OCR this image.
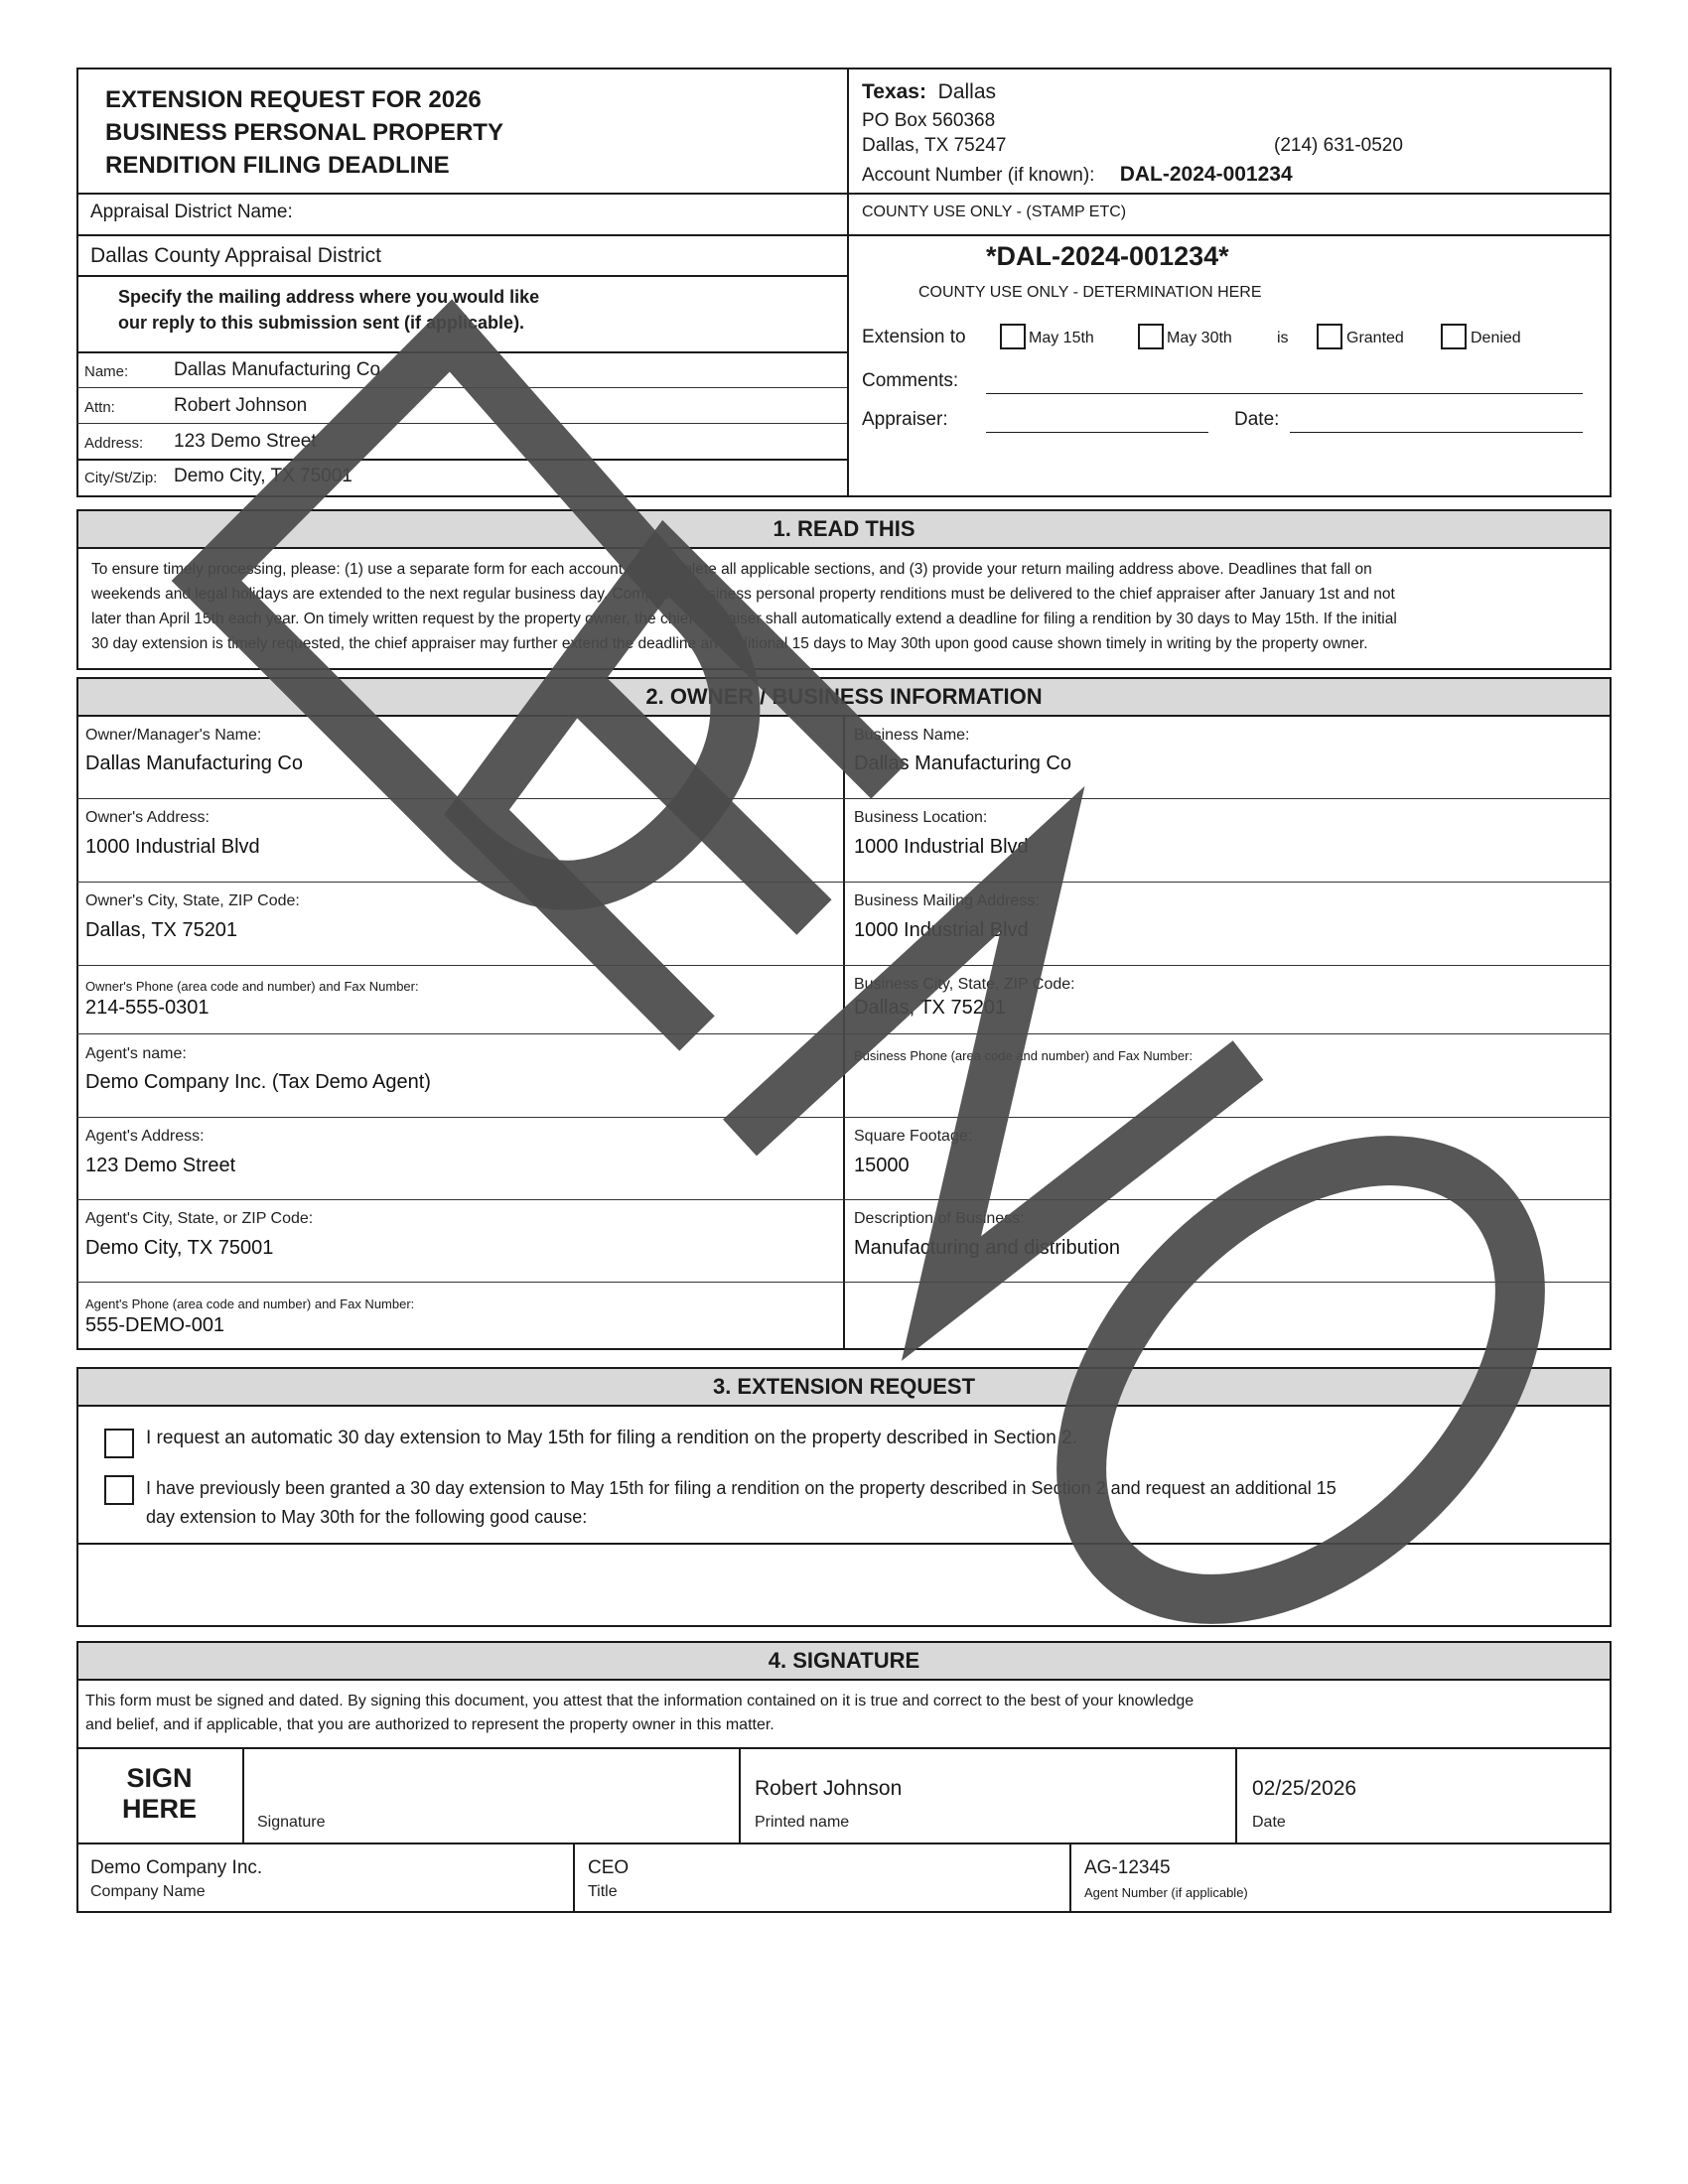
EXTENSION REQUEST FOR 2026
BUSINESS PERSONAL PROPERTY
RENDITION FILING DEADLINE
Texas: Dallas
PO Box 560368
Dallas, TX 75247	(214) 631-0520
Account Number (if known): DAL-2024-001234
Appraisal District Name:
Dallas County Appraisal District
COUNTY USE ONLY - (STAMP ETC)
Specify the mailing address where you would like
our reply to this submission sent (if applicable).
Name: Dallas Manufacturing Co
Attn:	Robert Johnson
Address: 123 Demo Street
City/St/Zip: Demo City, TX 75001
*DAL-2024-001234*
COUNTY USE ONLY - DETERMINATION HERE
Extension to	May 15th	May 30th	is	Granted	Denied
Comments:
Appraiser:	Date:
1. READ THIS
To ensure timely processing, please: (1) use a separate form for each account, (2) complete all applicable sections, and (3) provide your return mailing address above. Deadlines that fall on
weekends and legal holidays are extended to the next regular business day. Completed business personal property renditions must be delivered to the chief appraiser after January 1st and not
later than April 15th each year. On timely written request by the property owner, the chief appraiser shall automatically extend a deadline for filing a rendition by 30 days to May 15th. If the initial
30 day extension is timely requested, the chief appraiser may further extend the deadline an additional 15 days to May 30th upon good cause shown timely in writing by the property owner.
2. OWNER / BUSINESS INFORMATION
Owner/Manager's Name:
Dallas Manufacturing Co
Owner's Address:
1000 Industrial Blvd
Owner's City, State, ZIP Code:
Dallas, TX 75201
Owner's Phone (area code and number) and Fax Number:
214-555-0301
Agent's name:
Demo Company Inc. (Tax Demo Agent)
Agent's Address:
123 Demo Street
Agent's City, State, or ZIP Code:
Demo City, TX 75001
Agent's Phone (area code and number) and Fax Number:
555-DEMO-001
Business Name:
Dallas Manufacturing Co
Business Location:
1000 Industrial Blvd
Business Mailing Address:
1000 Industrial Blvd
Business City, State, ZIP Code:
Dallas, TX 75201
Business Phone (area code and number) and Fax Number:
Square Footage:
15000
Description of Business:
Manufacturing and distribution
3. EXTENSION REQUEST
I request an automatic 30 day extension to May 15th for filing a rendition on the property described in Section 2.
I have previously been granted a 30 day extension to May 15th for filing a rendition on the property described in Section 2 and request an additional 15
day extension to May 30th for the following good cause:
4. SIGNATURE
This form must be signed and dated. By signing this document, you attest that the information contained on it is true and correct to the best of your knowledge
and belief, and if applicable, that you are authorized to represent the property owner in this matter.
SIGN
HERE	Signature
Robert Johnson
Printed name
02/25/2026
Date
Demo Company Inc.
Company Name
CEO
Title
AG-12345
Agent Number (if applicable)
